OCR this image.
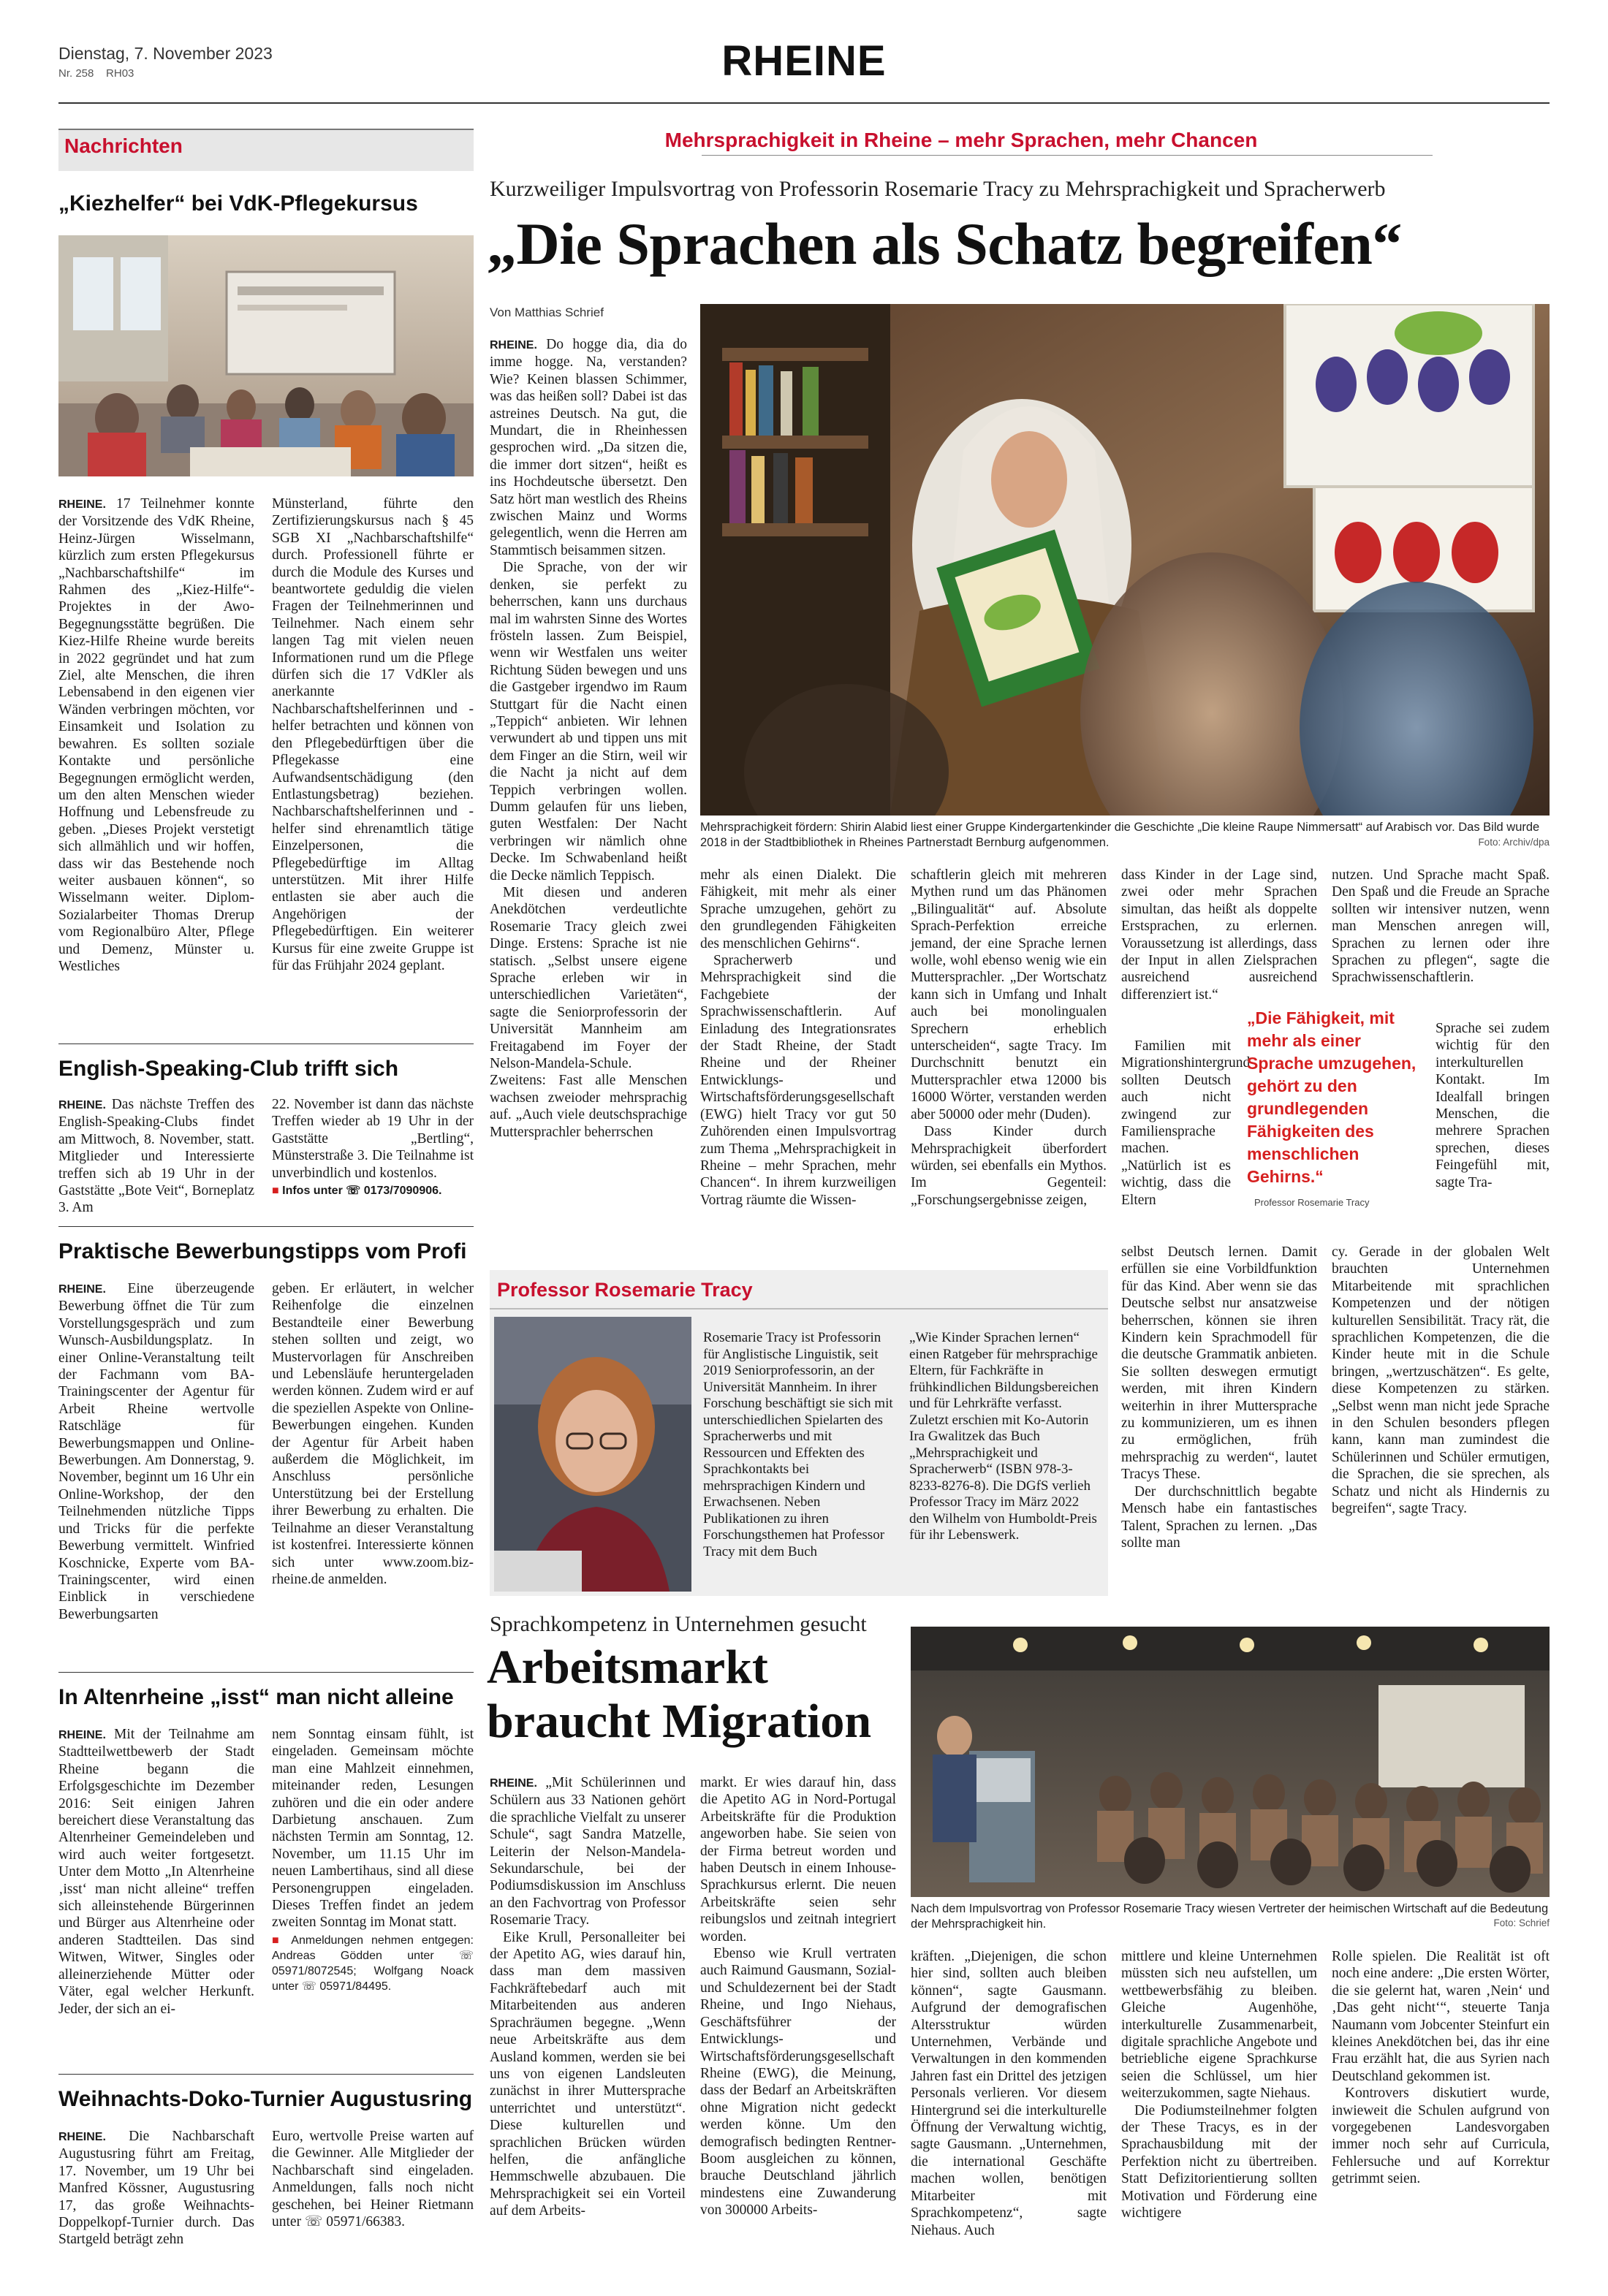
Dienstag, 7. November 2023
Nr. 258 RH03	RHEINE
Nachrichten
„Kiezhelfer“ bei VdK-Pflegekursus

RHEINE. 17 Teilnehmer konnte der Vorsitzende des VdK Rheine, Heinz-Jürgen Wisselmann, kürzlich zum ersten Pflegekursus „Nachbarschaftshilfe“ im Rahmen des „Kiez-Hilfe“-Projektes in der Awo-Begegnungsstätte begrüßen. Die Kiez-Hilfe Rheine wurde bereits in 2022 gegründet und hat zum Ziel, alte Menschen, die ihren Lebensabend in den eigenen vier Wänden verbringen möchten, vor Einsamkeit und Isolation zu bewahren. Es sollten soziale Kontakte und persönliche Begegnungen ermöglicht werden, um den alten Menschen wieder Hoffnung und Lebensfreude zu geben. „Dieses Projekt verstetigt sich allmählich und wir hoffen, dass wir das Bestehende noch weiter ausbauen können“, so Wisselmann weiter. Diplom-Sozialarbeiter Thomas Drerup vom Regionalbüro Alter, Pflege und Demenz, Münster u. Westliches

Münsterland, führte den Zertifizierungskursus nach § 45 SGB XI „Nachbarschaftshilfe“ durch. Professionell führte er durch die Module des Kurses und beantwortete geduldig die vielen Fragen der Teilnehmerinnen und Teilnehmer. Nach einem sehr langen Tag mit vielen neuen Informationen rund um die Pflege dürfen sich die 17 VdKler als anerkannte Nachbarschaftshelferinnen und -helfer betrachten und können von den Pflegebedürftigen über die Pflegekasse eine Aufwandsentschädigung (den Entlastungsbetrag) beziehen. Nachbarschaftshelferinnen und -helfer sind ehrenamtlich tätige Einzelpersonen, die Pflegebedürftige im Alltag unterstützen. Mit ihrer Hilfe entlasten sie aber auch die Angehörigen der Pflegebedürftigen. Ein weiterer Kursus für eine zweite Gruppe ist für das Frühjahr 2024 geplant.

English-Speaking-Club trifft sich

RHEINE. Das nächste Treffen des English-Speaking-Clubs findet am Mittwoch, 8. November, statt. Mitglieder und Interessierte treffen sich ab 19 Uhr in der Gaststätte „Bote Veit“, Borneplatz 3. Am

22. November ist dann das nächste Treffen wieder ab 19 Uhr in der Gaststätte „Bertling“, Münsterstraße 3. Die Teilnahme ist unverbindlich und kostenlos.

■ Infos unter ☏ 0173/7090906.
Praktische Bewerbungstipps vom Profi

RHEINE. Eine überzeugende Bewerbung öffnet die Tür zum Vorstellungsgespräch und zum Wunsch-Ausbildungsplatz. In einer Online-Veranstaltung teilt der Fachmann vom BA-Trainingscenter der Agentur für Arbeit Rheine wertvolle Ratschläge für Bewerbungsmappen und Online-Bewerbungen. Am Donnerstag, 9. November, beginnt um 16 Uhr ein Online-Workshop, der den Teilnehmenden nützliche Tipps und Tricks für die perfekte Bewerbung vermittelt. Winfried Koschnicke, Experte vom BA-Trainingscenter, wird einen Einblick in verschiedene Bewerbungsarten

geben. Er erläutert, in welcher Reihenfolge die einzelnen Bestandteile einer Bewerbung stehen sollten und zeigt, wo Mustervorlagen für Anschreiben und Lebensläufe heruntergeladen werden können. Zudem wird er auf die speziellen Aspekte von Online-Bewerbungen eingehen. Kunden der Agentur für Arbeit haben außerdem die Möglichkeit, im Anschluss persönliche Unterstützung bei der Erstellung ihrer Bewerbung zu erhalten. Die Teilnahme an dieser Veranstaltung ist kostenfrei. Interessierte können sich unter www.zoom.biz-rheine.de anmelden.

In Altenrheine „isst“ man nicht alleine

RHEINE. Mit der Teilnahme am Stadtteilwettbewerb der Stadt Rheine begann die Erfolgsgeschichte im Dezember 2016: Seit einigen Jahren bereichert diese Veranstaltung das Altenrheiner Gemeindeleben und wird auch weiter fortgesetzt. Unter dem Motto „In Altenrheine ‚isst‘ man nicht alleine“ treffen sich alleinstehende Bürgerinnen und Bürger aus Altenrheine oder anderen Stadtteilen. Das sind Witwen, Witwer, Singles oder alleinerziehende Mütter oder Väter, egal welcher Herkunft. Jeder, der sich an ei-

nem Sonntag einsam fühlt, ist eingeladen. Gemeinsam möchte man eine Mahlzeit einnehmen, miteinander reden, Lesungen zuhören und die ein oder andere Darbietung anschauen. Zum nächsten Termin am Sonntag, 12. November, um 11.15 Uhr im neuen Lambertihaus, sind all diese Personengruppen eingeladen. Dieses Treffen findet an jedem zweiten Sonntag im Monat statt.

■ Anmeldungen nehmen entgegen: Andreas Gödden unter ☏ 05971/8072545; Wolfgang Noack unter ☏ 05971/84495.
Weihnachts-Doko-Turnier Augustusring

RHEINE. Die Nachbarschaft Augustusring führt am Freitag, 17. November, um 19 Uhr bei Manfred Kössner, Augustusring 17, das große Weihnachts-Doppelkopf-Turnier durch. Das Startgeld beträgt zehn

Euro, wertvolle Preise warten auf die Gewinner. Alle Mitglieder der Nachbarschaft sind eingeladen. Anmeldungen, falls noch nicht geschehen, bei Heiner Rietmann unter ☏ 05971/66383.

Mehrsprachigkeit in Rheine – mehr Sprachen, mehr Chancen
Kurzweiliger Impulsvortrag von Professorin Rosemarie Tracy zu Mehrsprachigkeit und Spracherwerb
„Die Sprachen als Schatz begreifen“
Von Matthias Schrief

RHEINE. Do hogge dia, dia do imme hogge. Na, verstanden? Wie? Keinen blassen Schimmer, was das heißen soll? Dabei ist das astreines Deutsch. Na gut, die Mundart, die in Rheinhessen gesprochen wird. „Da sitzen die, die immer dort sitzen“, heißt es ins Hochdeutsche übersetzt. Den Satz hört man westlich des Rheins zwischen Mainz und Worms gelegentlich, wenn die Herren am Stammtisch beisammen sitzen.

Die Sprache, von der wir denken, sie perfekt zu beherrschen, kann uns durchaus mal im wahrsten Sinne des Wortes frösteln lassen. Zum Beispiel, wenn wir Westfalen uns weiter Richtung Süden bewegen und uns die Gastgeber irgendwo im Raum Stuttgart für die Nacht einen „Teppich“ anbieten. Wir lehnen verwundert ab und tippen uns mit dem Finger an die Stirn, weil wir die Nacht ja nicht auf dem Teppich verbringen wollen. Dumm gelaufen für uns lieben, guten Westfalen: Der Nacht verbringen wir nämlich ohne Decke. Im Schwabenland heißt die Decke nämlich Teppisch.

Mit diesen und anderen Anekdötchen verdeutlichte Rosemarie Tracy gleich zwei Dinge. Erstens: Sprache ist nie statisch. „Selbst unsere eigene Sprache erleben wir in unterschiedlichen Varietäten“, sagte die Seniorprofessorin der Universität Mannheim am Freitagabend im Foyer der Nelson-Mandela-Schule. Zweitens: Fast alle Menschen wachsen zweioder mehrsprachig auf. „Auch viele deutschsprachige Muttersprachler beherrschen

Mehrsprachigkeit fördern: Shirin Alabid liest einer Gruppe Kindergartenkinder die Geschichte „Die kleine Raupe Nimmersatt“ auf Arabisch vor. Das Bild wurde 2018 in der Stadtbibliothek in Rheines Partnerstadt Bernburg aufgenommen.	Foto: Archiv/dpa

mehr als einen Dialekt. Die Fähigkeit, mit mehr als einer Sprache umzugehen, gehört zu den grundlegenden Fähigkeiten des menschlichen Gehirns“.

Spracherwerb und Mehrsprachigkeit sind die Fachgebiete der Sprachwissenschaftlerin. Auf Einladung des Integrationsrates der Stadt Rheine, der Stadt Rheine und der Rheiner Entwicklungs- und Wirtschaftsförderungsgesellschaft (EWG) hielt Tracy vor gut 50 Zuhörenden einen Impulsvortrag zum Thema „Mehrsprachigkeit in Rheine – mehr Sprachen, mehr Chancen“. In ihrem kurzweiligen Vortrag räumte die Wissen-

schaftlerin gleich mit mehreren Mythen rund um das Phänomen „Bilingualität“ auf. Absolute Sprach-Perfektion erreiche jemand, der eine Sprache lernen wolle, wohl ebenso wenig wie ein Muttersprachler. „Der Wortschatz kann sich in Umfang und Inhalt auch bei monolingualen Sprechern erheblich unterscheiden“, sagte Tracy. Im Durchschnitt benutzt ein Muttersprachler etwa 12000 bis 16000 Wörter, verstanden werden aber 50000 oder mehr (Duden).

Dass Kinder durch Mehrsprachigkeit überfordert würden, sei ebenfalls ein Mythos. Im Gegenteil: „Forschungsergebnisse zeigen,

dass Kinder in der Lage sind, zwei oder mehr Sprachen simultan, das heißt als doppelte Erstsprachen, zu erlernen. Voraussetzung ist allerdings, dass der Input in allen Zielsprachen ausreichend ausreichend differenziert ist.“

Familien mit Migrationshintergrund sollten Deutsch auch nicht zwingend zur Familiensprache machen. „Natürlich ist es wichtig, dass die Eltern

selbst Deutsch lernen. Damit erfüllen sie eine Vorbildfunktion für das Kind. Aber wenn sie das Deutsche selbst nur ansatzweise beherrschen, können sie ihren Kindern kein Sprachmodell für die deutsche Grammatik anbieten. Sie sollten deswegen ermutigt werden, mit ihren Kindern weiterhin in ihrer Muttersprache zu kommunizieren, um es ihnen zu ermöglichen, früh mehrsprachig zu werden“, lautet Tracys These.

Der durchschnittlich begabte Mensch habe ein fantastisches Talent, Sprachen zu lernen. „Das sollte man

nutzen. Und Sprache macht Spaß. Den Spaß und die Freude an Sprache sollten wir intensiver nutzen, wenn man Menschen anregen will, Sprachen zu lernen oder ihre Sprachen zu pflegen“, sagte die Sprachwissenschaftlerin.

Sprache sei zudem wichtig für den interkulturellen Kontakt. Im Idealfall bringen Menschen, die mehrere Sprachen sprechen, dieses Feingefühl mit, sagte Tra-

cy. Gerade in der globalen Welt brauchten Unternehmen Mitarbeitende mit sprachlichen Kompetenzen und der nötigen kulturellen Sensibilität. Tracy rät, die sprachlichen Kompetenzen, die die Kinder heute mit in die Schule bringen, „wertzuschätzen“. Es gelte, diese Kompetenzen zu stärken. „Selbst wenn man nicht jede Sprache in den Schulen besonders pflegen kann, kann man zumindest die Schülerinnen und Schüler ermutigen, die Sprachen, die sie sprechen, als Schatz und nicht als Hindernis zu begreifen“, sagte Tracy.

„Die Fähigkeit, mit mehr als einer Sprache umzugehen, gehört zu den grundlegenden Fähigkeiten des menschlichen Gehirns.“
Professor Rosemarie Tracy
Professor Rosemarie Tracy

Rosemarie Tracy ist Professorin für Anglistische Linguistik, seit 2019 Seniorprofessorin, an der Universität Mannheim. In ihrer Forschung beschäftigt sie sich mit unterschiedlichen Spielarten des Spracherwerbs und mit Ressourcen und Effekten des Sprachkontakts bei mehrsprachigen Kindern und Erwachsenen. Neben Publikationen zu ihren Forschungsthemen hat Professor Tracy mit dem Buch

„Wie Kinder Sprachen lernen“ einen Ratgeber für mehrsprachige Eltern, für Fachkräfte in frühkindlichen Bildungsbereichen und für Lehrkräfte verfasst. Zuletzt erschien mit Ko-Autorin Ira Gwalitzek das Buch „Mehrsprachigkeit und Spracherwerb“ (ISBN 978-3-8233-8276-8). Die DGfS verlieh Professor Tracy im März 2022 den Wilhelm von Humboldt-Preis für ihr Lebenswerk.

Sprachkompetenz in Unternehmen gesucht
Arbeitsmarkt
braucht Migration
Nach dem Impulsvortrag von Professor Rosemarie Tracy wiesen Vertreter der heimischen Wirtschaft auf die Bedeutung der Mehrsprachigkeit hin.	Foto: Schrief

RHEINE. „Mit Schülerinnen und Schülern aus 33 Nationen gehört die sprachliche Vielfalt zu unserer Schule“, sagt Sandra Matzelle, Leiterin der Nelson-Mandela-Sekundarschule, bei der Podiumsdiskussion im Anschluss an den Fachvortrag von Professor Rosemarie Tracy.

Eike Krull, Personalleiter bei der Apetito AG, wies darauf hin, dass man dem massiven Fachkräftebedarf auch mit Mitarbeitenden aus anderen Sprachräumen begegne. „Wenn neue Arbeitskräfte aus dem Ausland kommen, werden sie bei uns von eigenen Landsleuten zunächst in ihrer Muttersprache unterrichtet und unterstützt“. Diese kulturellen und sprachlichen Brücken würden helfen, die anfängliche Hemmschwelle abzubauen. Die Mehrsprachigkeit sei ein Vorteil auf dem Arbeits-

markt. Er wies darauf hin, dass die Apetito AG in Nord-Portugal Arbeitskräfte für die Produktion angeworben habe. Sie seien von der Firma betreut worden und haben Deutsch in einem Inhouse-Sprachkursus erlernt. Die neuen Arbeitskräfte seien sehr reibungslos und zeitnah integriert worden.

Ebenso wie Krull vertraten auch Raimund Gausmann, Sozial- und Schuldezernent bei der Stadt Rheine, und Ingo Niehaus, Geschäftsführer der Entwicklungs- und Wirtschaftsförderungsgesellschaft Rheine (EWG), die Meinung, dass der Bedarf an Arbeitskräften ohne Migration nicht gedeckt werden könne. Um den demografisch bedingten Rentner-Boom ausgleichen zu können, brauche Deutschland jährlich mindestens eine Zuwanderung von 300000 Arbeits-

kräften. „Diejenigen, die schon hier sind, sollten auch bleiben können“, sagte Gausmann. Aufgrund der demografischen Altersstruktur würden Unternehmen, Verbände und Verwaltungen in den kommenden Jahren fast ein Drittel des jetzigen Personals verlieren. Vor diesem Hintergrund sei die interkulturelle Öffnung der Verwaltung wichtig, sagte Gausmann. „Unternehmen, die international Geschäfte machen wollen, benötigen Mitarbeiter mit Sprachkompetenz“, sagte Niehaus. Auch

mittlere und kleine Unternehmen müssten sich neu aufstellen, um wettbewerbsfähig zu bleiben. Gleiche Augenhöhe, interkulturelle Zusammenarbeit, digitale sprachliche Angebote und betriebliche eigene Sprachkurse seien die Schlüssel, um hier weiterzukommen, sagte Niehaus.

Die Podiumsteilnehmer folgten der These Tracys, es in der Sprachausbildung mit der Perfektion nicht zu übertreiben. Statt Defizitorientierung sollten Motivation und Förderung eine wichtigere

Rolle spielen. Die Realität ist oft noch eine andere: „Die ersten Wörter, die sie gelernt hat, waren ‚Nein‘ und ‚Das geht nicht‘“, steuerte Tanja Naumann vom Jobcenter Steinfurt ein kleines Anekdötchen bei, das ihr eine Frau erzählt hat, die aus Syrien nach Deutschland gekommen ist.

Kontrovers diskutiert wurde, inwieweit die Schulen aufgrund von vorgegebenen Landesvorgaben immer noch sehr auf Curricula, Fehlersuche und auf Korrektur getrimmt seien.
